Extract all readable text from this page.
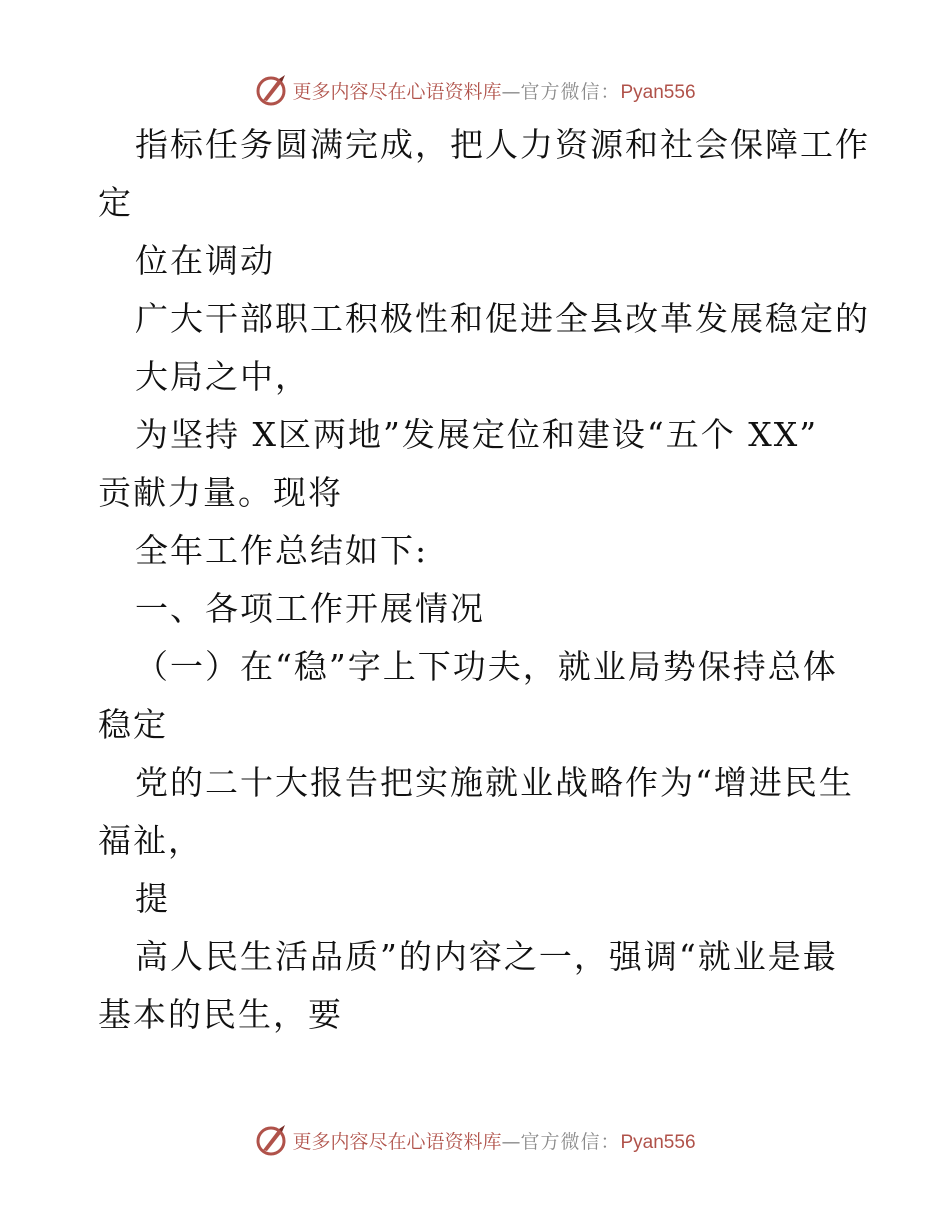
更多内容尽在心语资料库—官方微信：Pyan556
指标任务圆满完成，把人力资源和社会保障工作
定
位在调动
广大干部职工积极性和促进全县改革发展稳定的
大局之中，
为坚持 X区两地”发展定位和建设“五个 XX”
贡献力量。现将
全年工作总结如下:
一、各项工作开展情况
（一）在“稳”字上下功夫，就业局势保持总体
稳定
党的二十大报告把实施就业战略作为“增进民生
福祉，
提
高人民生活品质”的内容之一，强调“就业是最
基本的民生，要
更多内容尽在心语资料库—官方微信：Pyan556
